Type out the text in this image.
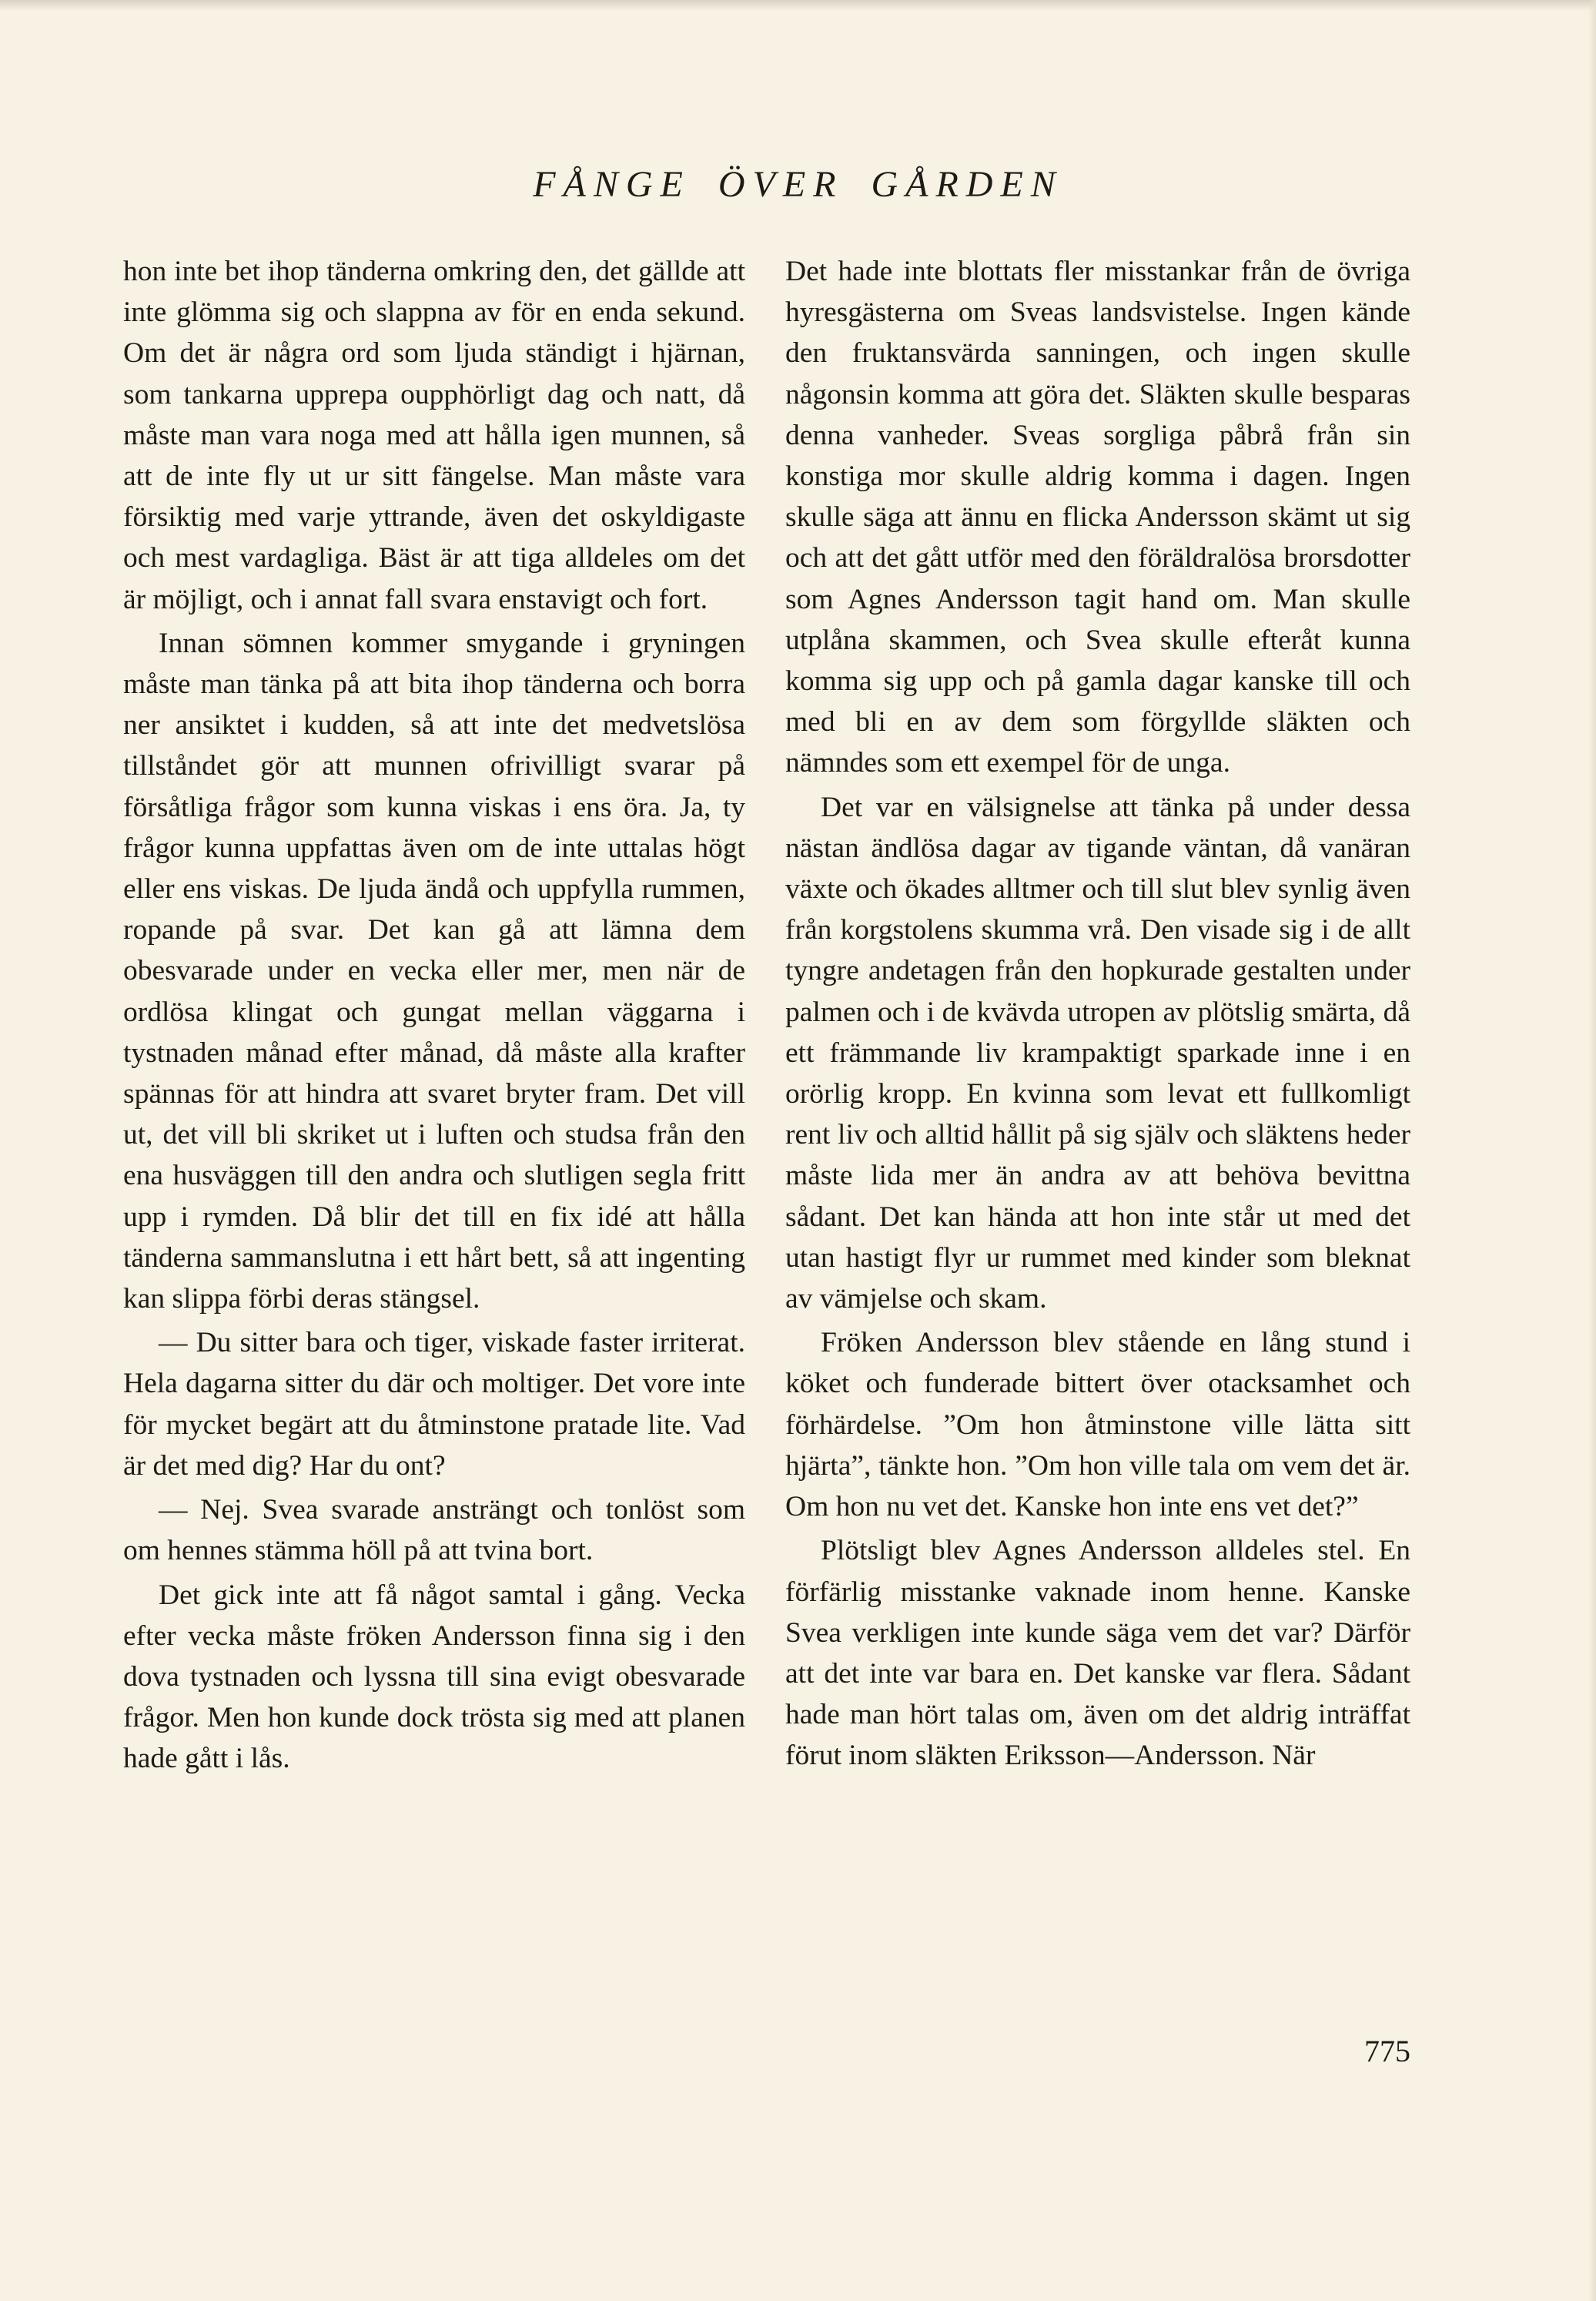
FÅNGE ÖVER GÅRDEN

hon inte bet ihop tänderna omkring den, det gällde att inte glömma sig och slappna av för en enda sekund. Om det är några ord som ljuda ständigt i hjärnan, som tankarna upprepa oupphörligt dag och natt, då måste man vara noga med att hålla igen munnen, så att de inte fly ut ur sitt fängelse. Man måste vara försiktig med varje yttrande, även det oskyldigaste och mest vardagliga. Bäst är att tiga alldeles om det är möjligt, och i annat fall svara enstavigt och fort.

Innan sömnen kommer smygande i gryningen måste man tänka på att bita ihop tänderna och borra ner ansiktet i kudden, så att inte det medvetslösa tillståndet gör att munnen ofrivilligt svarar på försåtliga frågor som kunna viskas i ens öra. Ja, ty frågor kunna uppfattas även om de inte uttalas högt eller ens viskas. De ljuda ändå och uppfylla rummen, ropande på svar. Det kan gå att lämna dem obesvarade under en vecka eller mer, men när de ordlösa klingat och gungat mellan väggarna i tystnaden månad efter månad, då måste alla krafter spännas för att hindra att svaret bryter fram. Det vill ut, det vill bli skriket ut i luften och studsa från den ena husväggen till den andra och slutligen segla fritt upp i rymden. Då blir det till en fix idé att hålla tänderna sammanslutna i ett hårt bett, så att ingenting kan slippa förbi deras stängsel.

— Du sitter bara och tiger, viskade faster irriterat. Hela dagarna sitter du där och moltiger. Det vore inte för mycket begärt att du åtminstone pratade lite. Vad är det med dig? Har du ont?

— Nej. Svea svarade ansträngt och tonlöst som om hennes stämma höll på att tvina bort.

Det gick inte att få något samtal i gång. Vecka efter vecka måste fröken Andersson finna sig i den dova tystnaden och lyssna till sina evigt obesvarade frågor. Men hon kunde dock trösta sig med att planen hade gått i lås.

Det hade inte blottats fler misstankar från de övriga hyresgästerna om Sveas landsvistelse. Ingen kände den fruktansvärda sanningen, och ingen skulle någonsin komma att göra det. Släkten skulle besparas denna vanheder. Sveas sorgliga påbrå från sin konstiga mor skulle aldrig komma i dagen. Ingen skulle säga att ännu en flicka Andersson skämt ut sig och att det gått utför med den föräldralösa brorsdotter som Agnes Andersson tagit hand om. Man skulle utplåna skammen, och Svea skulle efteråt kunna komma sig upp och på gamla dagar kanske till och med bli en av dem som förgyllde släkten och nämndes som ett exempel för de unga.

Det var en välsignelse att tänka på under dessa nästan ändlösa dagar av tigande väntan, då vanäran växte och ökades alltmer och till slut blev synlig även från korgstolens skumma vrå. Den visade sig i de allt tyngre andetagen från den hopkurade gestalten under palmen och i de kvävda utropen av plötslig smärta, då ett främmande liv krampaktigt sparkade inne i en orörlig kropp. En kvinna som levat ett fullkomligt rent liv och alltid hållit på sig själv och släktens heder måste lida mer än andra av att behöva bevittna sådant. Det kan hända att hon inte står ut med det utan hastigt flyr ur rummet med kinder som bleknat av vämjelse och skam.

Fröken Andersson blev stående en lång stund i köket och funderade bittert över otacksamhet och förhärdelse. ”Om hon åtminstone ville lätta sitt hjärta”, tänkte hon. ”Om hon ville tala om vem det är. Om hon nu vet det. Kanske hon inte ens vet det?”

Plötsligt blev Agnes Andersson alldeles stel. En förfärlig misstanke vaknade inom henne. Kanske Svea verkligen inte kunde säga vem det var? Därför att det inte var bara en. Det kanske var flera. Sådant hade man hört talas om, även om det aldrig inträffat förut inom släkten Eriksson—Andersson. När

775
